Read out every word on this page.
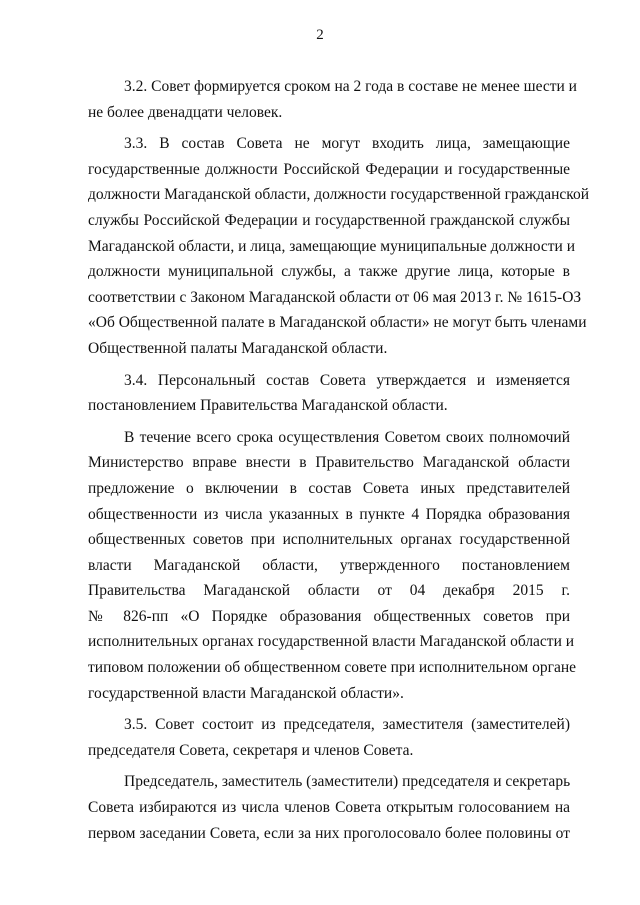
2
3.2. Совет формируется сроком на 2 года в составе не менее шести и
не более двенадцати человек.
3.3. В состав Совета не могут входить лица, замещающие
государственные должности Российской Федерации и государственные
должности Магаданской области, должности государственной гражданской
службы Российской Федерации и государственной гражданской службы
Магаданской области, и лица, замещающие муниципальные должности и
должности муниципальной службы, а также другие лица, которые в
соответствии с Законом Магаданской области от 06 мая 2013 г. № 1615-ОЗ
«Об Общественной палате в Магаданской области» не могут быть членами
Общественной палаты Магаданской области.
3.4. Персональный состав Совета утверждается и изменяется
постановлением Правительства Магаданской области.
В течение всего срока осуществления Советом своих полномочий
Министерство вправе внести в Правительство Магаданской области
предложение о включении в состав Совета иных представителей
общественности из числа указанных в пункте 4 Порядка образования
общественных советов при исполнительных органах государственной
власти Магаданской области, утвержденного постановлением
Правительства Магаданской области от 04 декабря 2015 г.
№ 826-пп «О Порядке образования общественных советов при
исполнительных органах государственной власти Магаданской области и
типовом положении об общественном совете при исполнительном органе
государственной власти Магаданской области».
3.5. Совет состоит из председателя, заместителя (заместителей)
председателя Совета, секретаря и членов Совета.
Председатель, заместитель (заместители) председателя и секретарь
Совета избираются из числа членов Совета открытым голосованием на
первом заседании Совета, если за них проголосовало более половины от
